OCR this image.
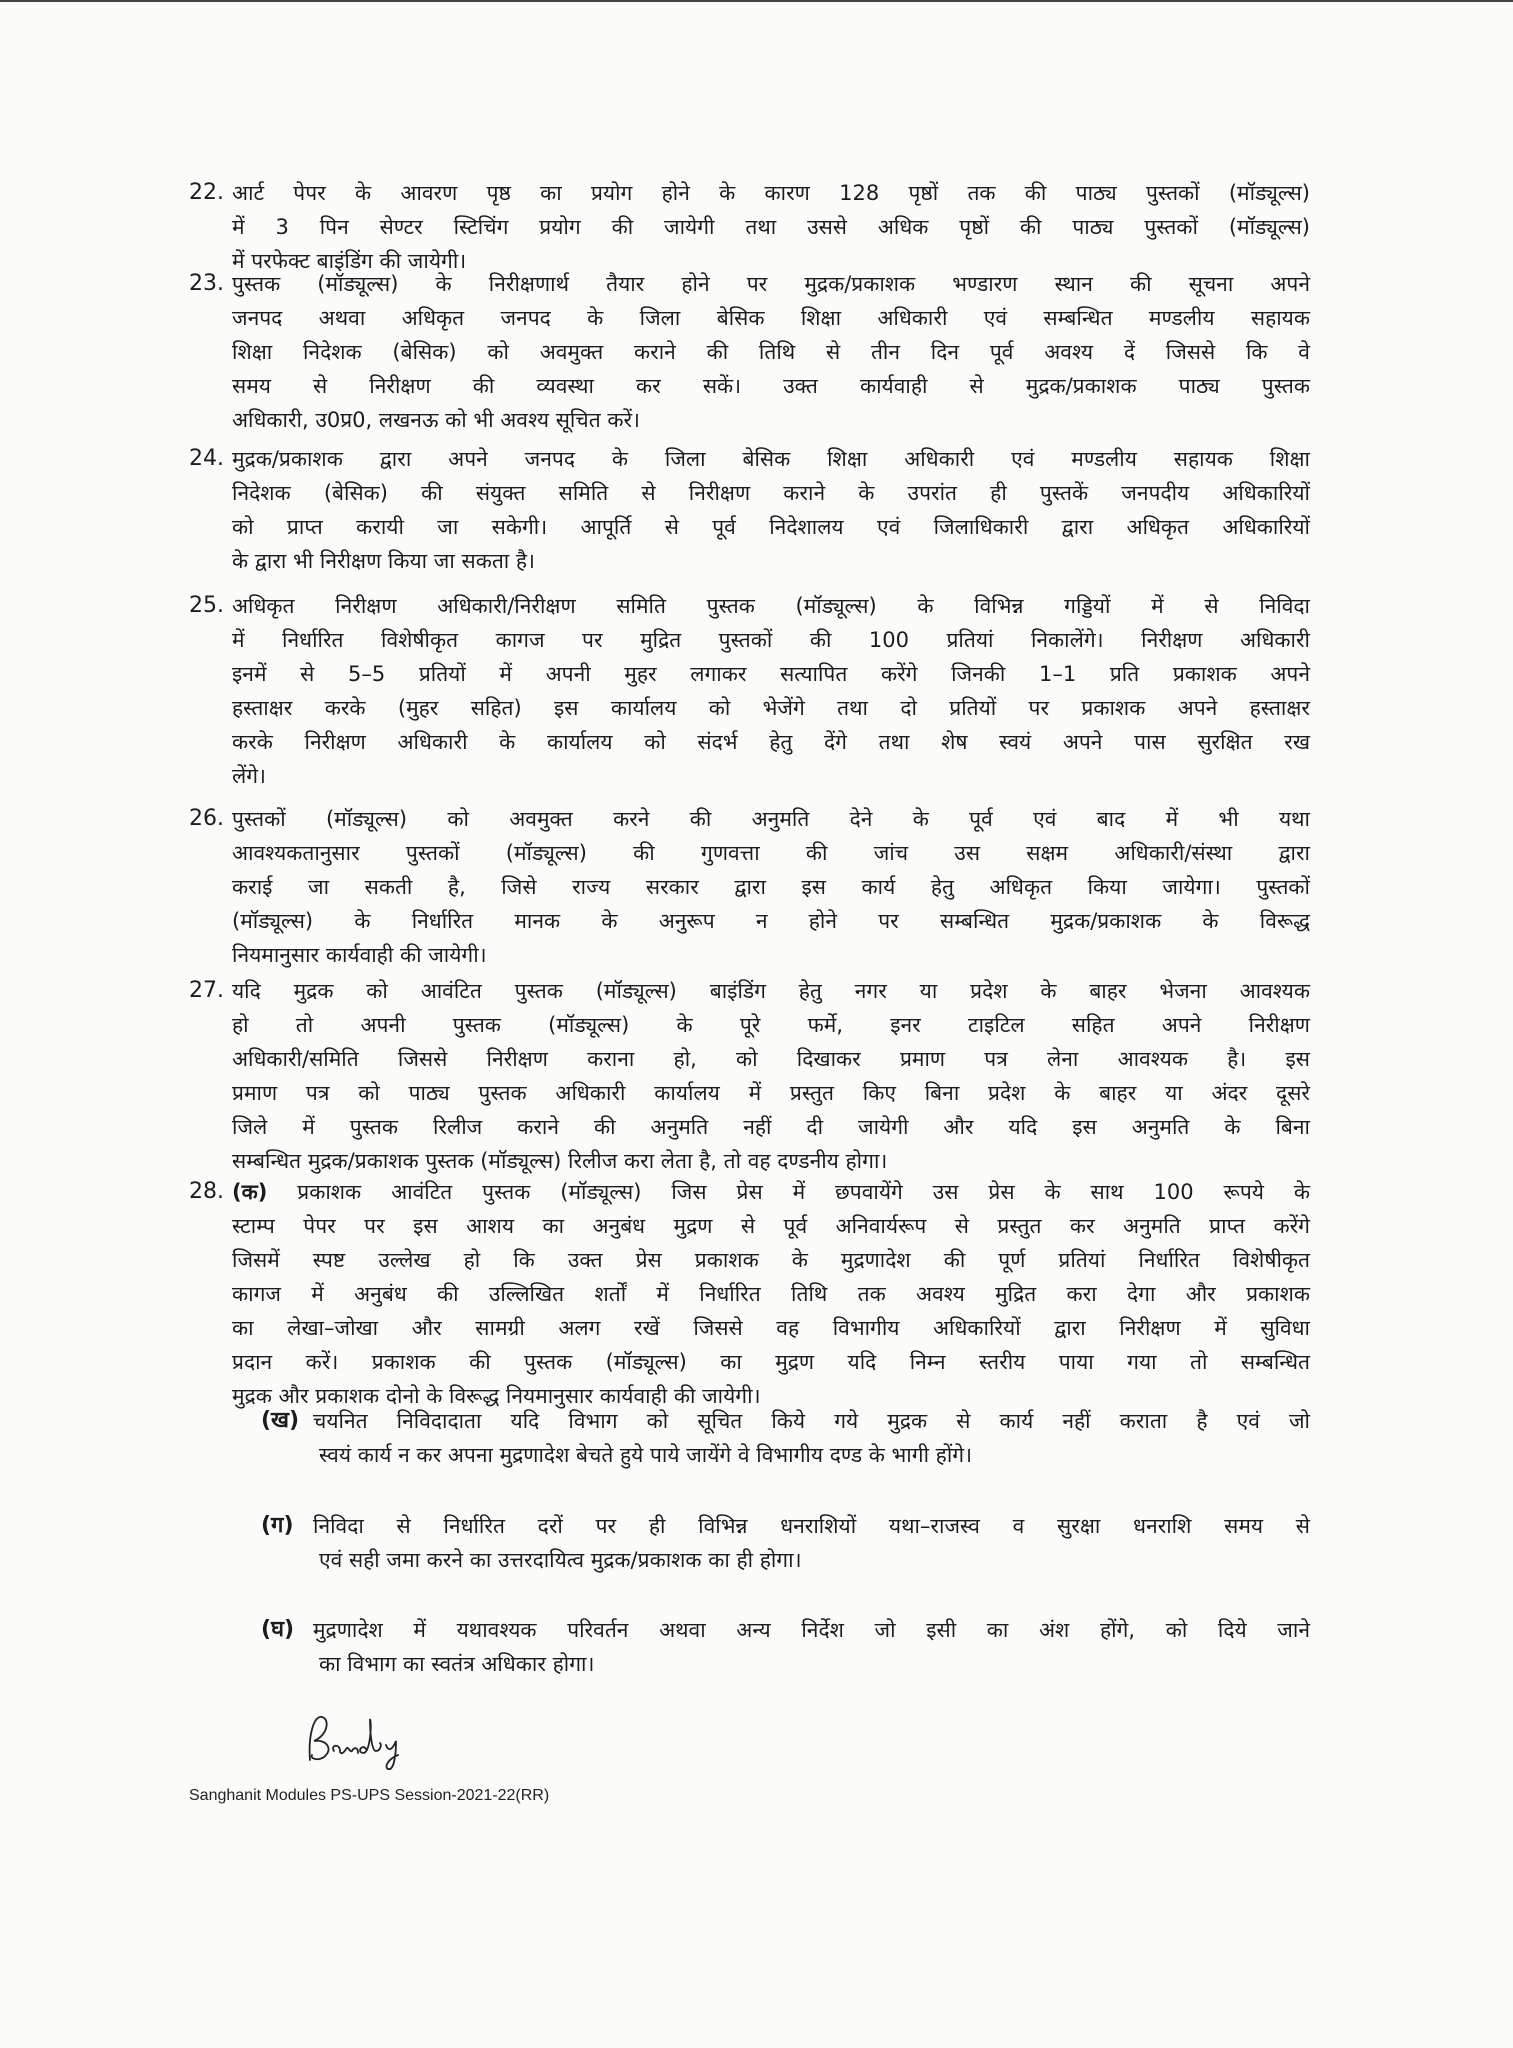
22. आर्ट पेपर के आवरण पृष्ठ का प्रयोग होने के कारण 128 पृष्ठों तक की पाठ्य पुस्तकों (मॉड्यूल्स)
में 3 पिन सेण्टर स्टिचिंग प्रयोग की जायेगी तथा उससे अधिक पृष्ठों की पाठ्य पुस्तकों (मॉड्यूल्स)
में परफेक्ट बाइंडिंग की जायेगी।
23. पुस्तक (मॉड्यूल्स) के निरीक्षणार्थ तैयार होने पर मुद्रक/प्रकाशक भण्डारण स्थान की सूचना अपने
जनपद अथवा अधिकृत जनपद के जिला बेसिक शिक्षा अधिकारी एवं सम्बन्धित मण्डलीय सहायक
शिक्षा निदेशक (बेसिक) को अवमुक्त कराने की तिथि से तीन दिन पूर्व अवश्य दें जिससे कि वे
समय से निरीक्षण की व्यवस्था कर सकें। उक्त कार्यवाही से मुद्रक/प्रकाशक पाठ्य पुस्तक
अधिकारी, उ0प्र0, लखनऊ को भी अवश्य सूचित करें।
24. मुद्रक/प्रकाशक द्वारा अपने जनपद के जिला बेसिक शिक्षा अधिकारी एवं मण्डलीय सहायक शिक्षा
निदेशक (बेसिक) की संयुक्त समिति से निरीक्षण कराने के उपरांत ही पुस्तकें जनपदीय अधिकारियों
को प्राप्त करायी जा सकेगी। आपूर्ति से पूर्व निदेशालय एवं जिलाधिकारी द्वारा अधिकृत अधिकारियों
के द्वारा भी निरीक्षण किया जा सकता है।
25. अधिकृत निरीक्षण अधिकारी/निरीक्षण समिति पुस्तक (मॉड्यूल्स) के विभिन्न गड्डियों में से निविदा
में निर्धारित विशेषीकृत कागज पर मुद्रित पुस्तकों की 100 प्रतियां निकालेंगे। निरीक्षण अधिकारी
इनमें से 5–5 प्रतियों में अपनी मुहर लगाकर सत्यापित करेंगे जिनकी 1–1 प्रति प्रकाशक अपने
हस्ताक्षर करके (मुहर सहित) इस कार्यालय को भेजेंगे तथा दो प्रतियों पर प्रकाशक अपने हस्ताक्षर
करके निरीक्षण अधिकारी के कार्यालय को संदर्भ हेतु देंगे तथा शेष स्वयं अपने पास सुरक्षित रख
लेंगे।
26. पुस्तकों (मॉड्यूल्स) को अवमुक्त करने की अनुमति देने के पूर्व एवं बाद में भी यथा
आवश्यकतानुसार पुस्तकों (मॉड्यूल्स) की गुणवत्ता की जांच उस सक्षम अधिकारी/संस्था द्वारा
कराई जा सकती है, जिसे राज्य सरकार द्वारा इस कार्य हेतु अधिकृत किया जायेगा। पुस्तकों
(मॉड्यूल्स) के निर्धारित मानक के अनुरूप न होने पर सम्बन्धित मुद्रक/प्रकाशक के विरूद्ध
नियमानुसार कार्यवाही की जायेगी।
27. यदि मुद्रक को आवंटित पुस्तक (मॉड्यूल्स) बाइंडिंग हेतु नगर या प्रदेश के बाहर भेजना आवश्यक
हो तो अपनी पुस्तक (मॉड्यूल्स) के पूरे फर्मे, इनर टाइटिल सहित अपने निरीक्षण
अधिकारी/समिति जिससे निरीक्षण कराना हो, को दिखाकर प्रमाण पत्र लेना आवश्यक है। इस
प्रमाण पत्र को पाठ्य पुस्तक अधिकारी कार्यालय में प्रस्तुत किए बिना प्रदेश के बाहर या अंदर दूसरे
जिले में पुस्तक रिलीज कराने की अनुमति नहीं दी जायेगी और यदि इस अनुमति के बिना
सम्बन्धित मुद्रक/प्रकाशक पुस्तक (मॉड्यूल्स) रिलीज करा लेता है, तो वह दण्डनीय होगा।
28. (क) प्रकाशक आवंटित पुस्तक (मॉड्यूल्स) जिस प्रेस में छपवायेंगे उस प्रेस के साथ 100 रूपये के
स्टाम्प पेपर पर इस आशय का अनुबंध मुद्रण से पूर्व अनिवार्यरूप से प्रस्तुत कर अनुमति प्राप्त करेंगे
जिसमें स्पष्ट उल्लेख हो कि उक्त प्रेस प्रकाशक के मुद्रणादेश की पूर्ण प्रतियां निर्धारित विशेषीकृत
कागज में अनुबंध की उल्लिखित शर्तों में निर्धारित तिथि तक अवश्य मुद्रित करा देगा और प्रकाशक
का लेखा–जोखा और सामग्री अलग रखें जिससे वह विभागीय अधिकारियों द्वारा निरीक्षण में सुविधा
प्रदान करें। प्रकाशक की पुस्तक (मॉड्यूल्स) का मुद्रण यदि निम्न स्तरीय पाया गया तो सम्बन्धित
मुद्रक और प्रकाशक दोनो के विरूद्ध नियमानुसार कार्यवाही की जायेगी।
(ख) चयनित निविदादाता यदि विभाग को सूचित किये गये मुद्रक से कार्य नहीं कराता है एवं जो
स्वयं कार्य न कर अपना मुद्रणादेश बेचते हुये पाये जायेंगे वे विभागीय दण्ड के भागी होंगे।
(ग) निविदा से निर्धारित दरों पर ही विभिन्न धनराशियों यथा–राजस्व व सुरक्षा धनराशि समय से
एवं सही जमा करने का उत्तरदायित्व मुद्रक/प्रकाशक का ही होगा।
(घ) मुद्रणादेश में यथावश्यक परिवर्तन अथवा अन्य निर्देश जो इसी का अंश होंगे, को दिये जाने
का विभाग का स्वतंत्र अधिकार होगा।
Sanghanit Modules PS-UPS Session-2021-22(RR)
